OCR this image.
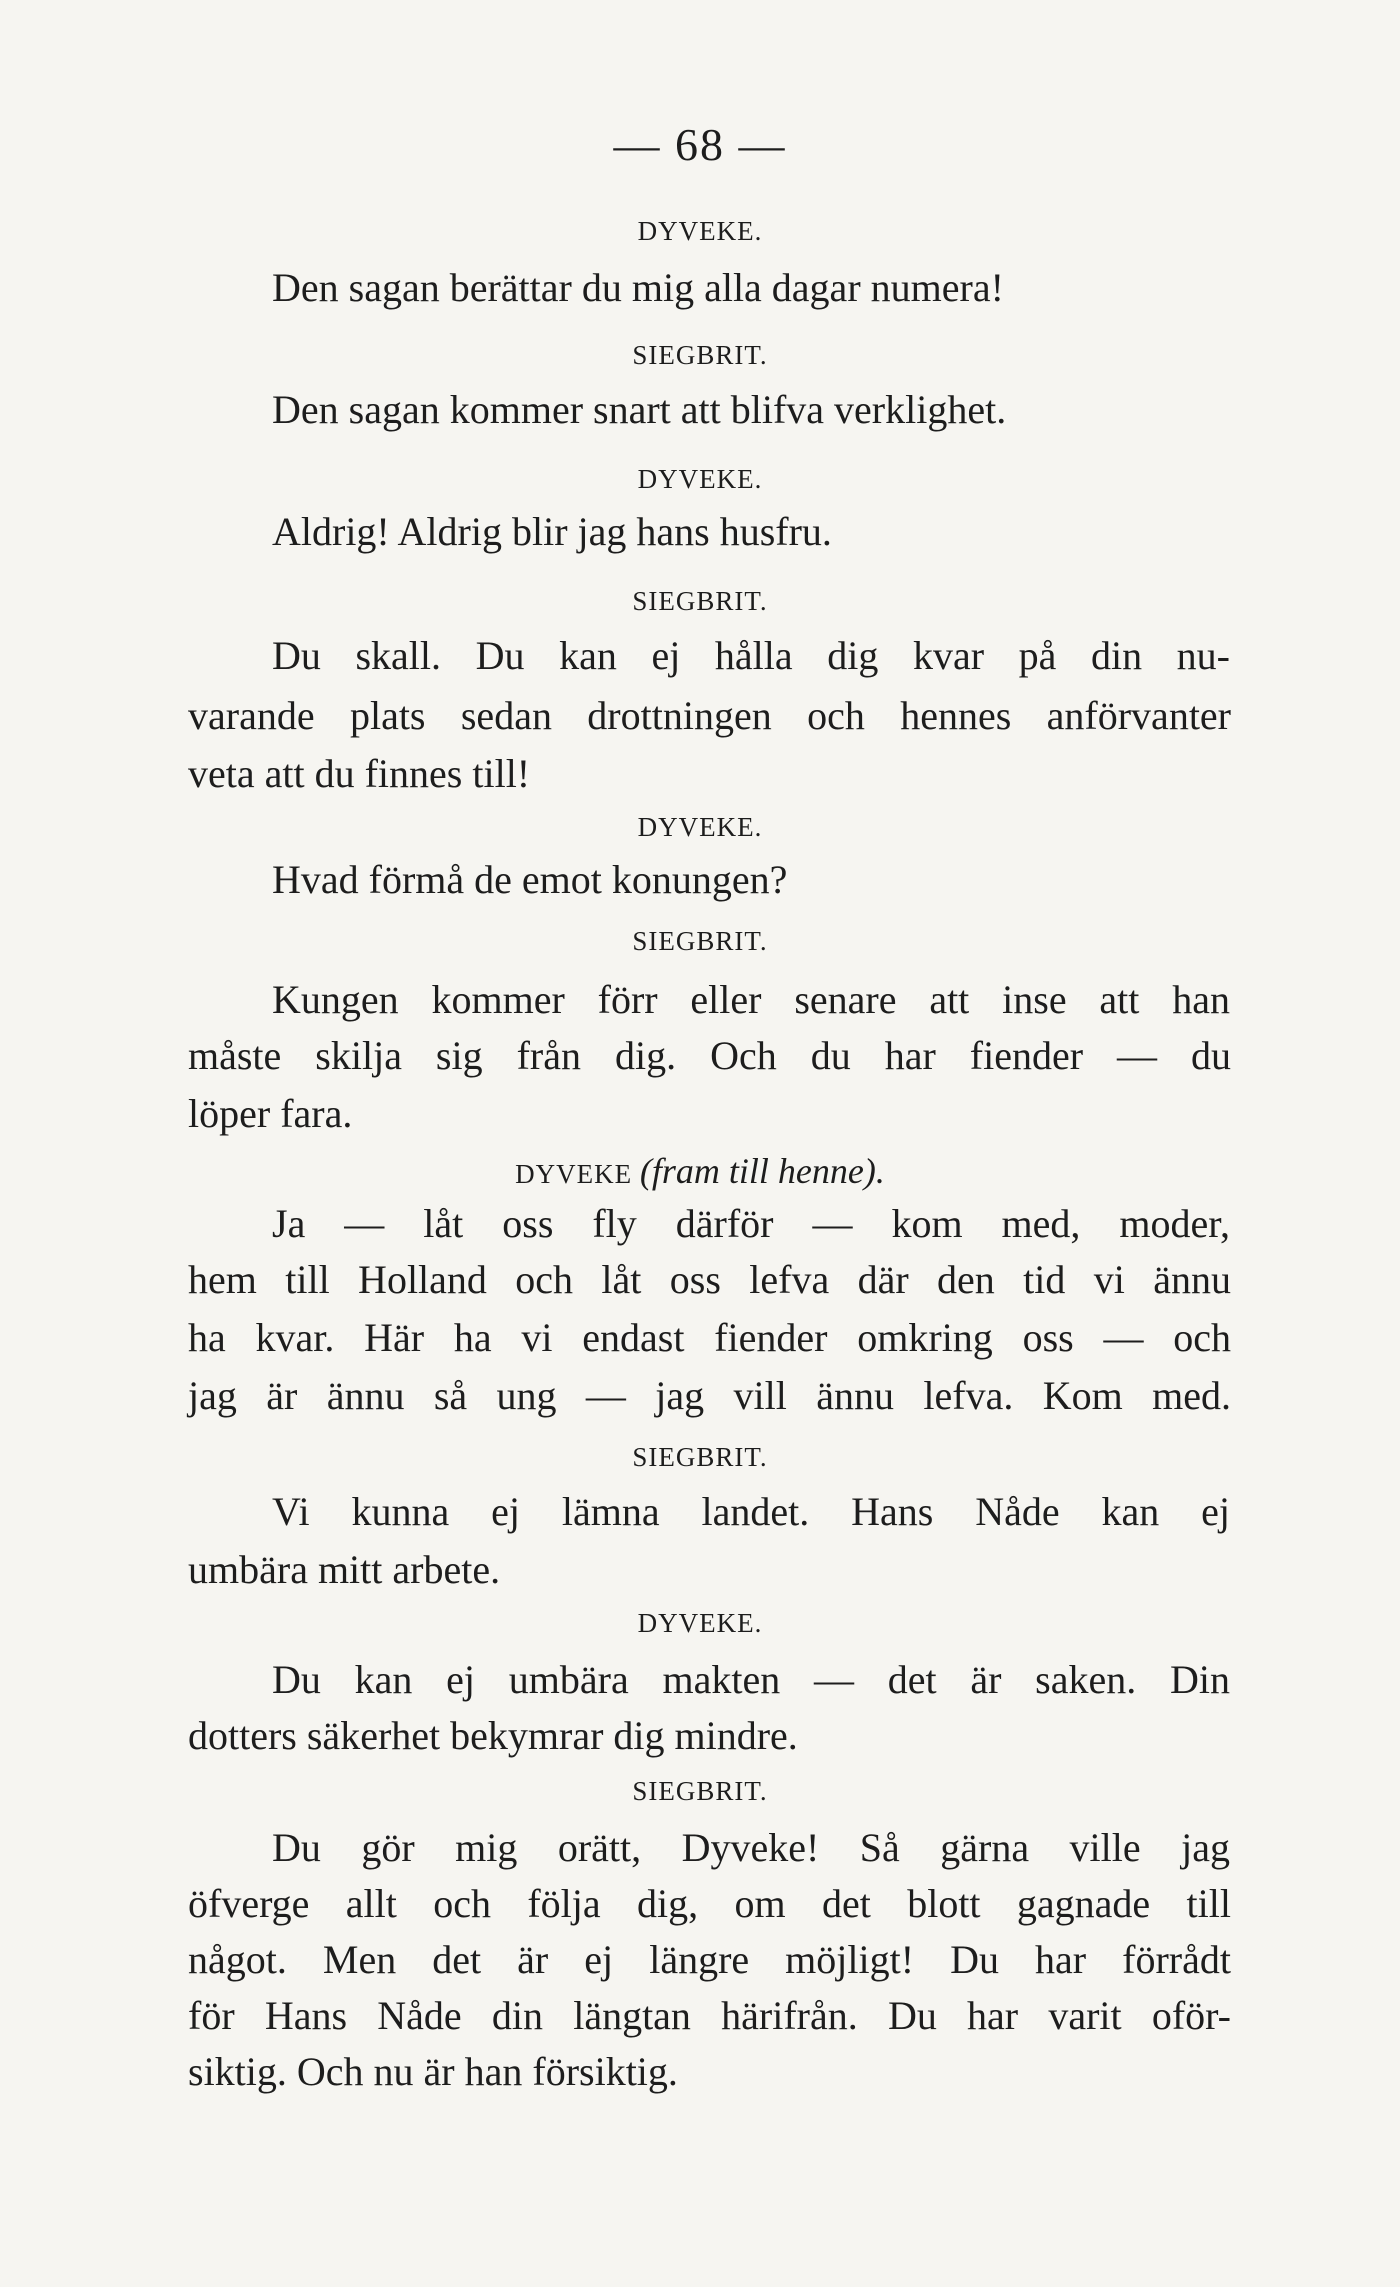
— 68 —
DYVEKE.
Den sagan berättar du mig alla dagar numera!
SIEGBRIT.
Den sagan kommer snart att blifva verklighet.
DYVEKE.
Aldrig! Aldrig blir jag hans husfru.
SIEGBRIT.
Du skall. Du kan ej hålla dig kvar på din nu-
varande plats sedan drottningen och hennes anförvanter
veta att du finnes till!
DYVEKE.
Hvad förmå de emot konungen?
SIEGBRIT.
Kungen kommer förr eller senare att inse att han
måste skilja sig från dig. Och du har fiender — du
löper fara.
DYVEKE (fram till henne).
Ja — låt oss fly därför — kom med, moder,
hem till Holland och låt oss lefva där den tid vi ännu
ha kvar. Här ha vi endast fiender omkring oss — och
jag är ännu så ung — jag vill ännu lefva. Kom med.
SIEGBRIT.
Vi kunna ej lämna landet. Hans Nåde kan ej
umbära mitt arbete.
DYVEKE.
Du kan ej umbära makten — det är saken. Din
dotters säkerhet bekymrar dig mindre.
SIEGBRIT.
Du gör mig orätt, Dyveke! Så gärna ville jag
öfverge allt och följa dig, om det blott gagnade till
något. Men det är ej längre möjligt! Du har förrådt
för Hans Nåde din längtan härifrån. Du har varit oför-
siktig. Och nu är han försiktig.
